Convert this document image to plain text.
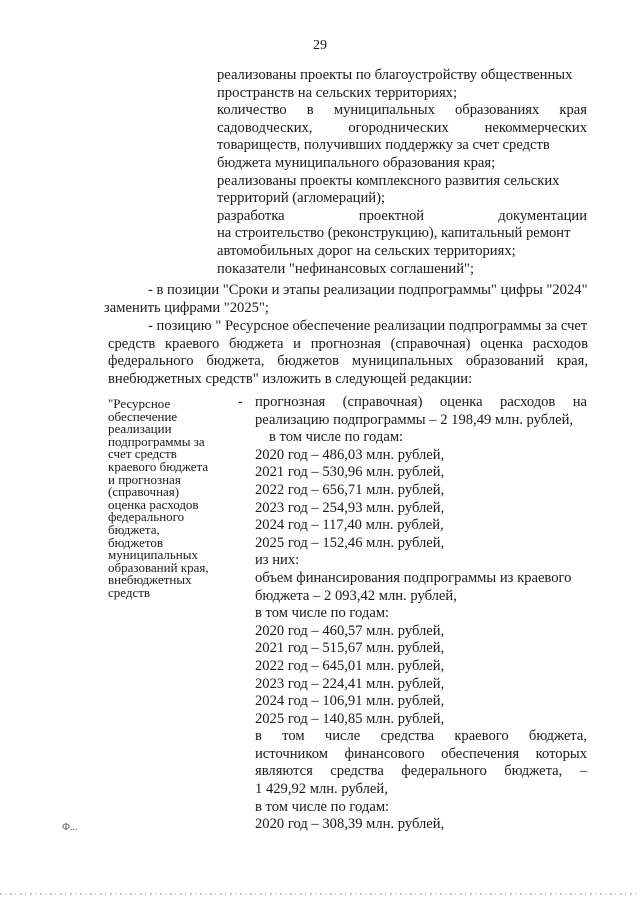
29
реализованы проекты по благоустройству общественных
пространств на сельских территориях;
количество в муниципальных образованиях края
садоводческих, огороднических некоммерческих
товариществ, получивших поддержку за счет средств
бюджета муниципального образования края;
реализованы проекты комплексного развития сельских
территорий (агломераций);
разработка проектной документации
на строительство (реконструкцию), капитальный ремонт
автомобильных дорог на сельских территориях;
показатели "нефинансовых соглашений";
- в позиции "Сроки и этапы реализации подпрограммы" цифры "2024"
заменить цифрами "2025";
- позицию " Ресурсное обеспечение реализации подпрограммы за счет
средств краевого бюджета и прогнозная (справочная) оценка расходов
федерального бюджета, бюджетов муниципальных образований края,
внебюджетных средств" изложить в следующей редакции:
"Ресурсное
обеспечение
реализации
подпрограммы за
счет средств
краевого бюджета
и прогнозная
(справочная)
оценка расходов
федерального
бюджета,
бюджетов
муниципальных
образований края,
внебюджетных
средств
- прогнозная (справочная) оценка расходов на
реализацию подпрограммы – 2 198,49 млн. рублей,
в том числе по годам:
2020 год – 486,03 млн. рублей,
2021 год – 530,96 млн. рублей,
2022 год – 656,71 млн. рублей,
2023 год – 254,93 млн. рублей,
2024 год – 117,40 млн. рублей,
2025 год – 152,46 млн. рублей,
из них:
объем финансирования подпрограммы из краевого
бюджета – 2 093,42 млн. рублей,
в том числе по годам:
2020 год – 460,57 млн. рублей,
2021 год – 515,67 млн. рублей,
2022 год – 645,01 млн. рублей,
2023 год – 224,41 млн. рублей,
2024 год – 106,91 млн. рублей,
2025 год – 140,85 млн. рублей,
в том числе средства краевого бюджета,
источником финансового обеспечения которых
являются средства федерального бюджета, –
1 429,92 млн. рублей,
в том числе по годам:
2020 год – 308,39 млн. рублей,
Ф...
